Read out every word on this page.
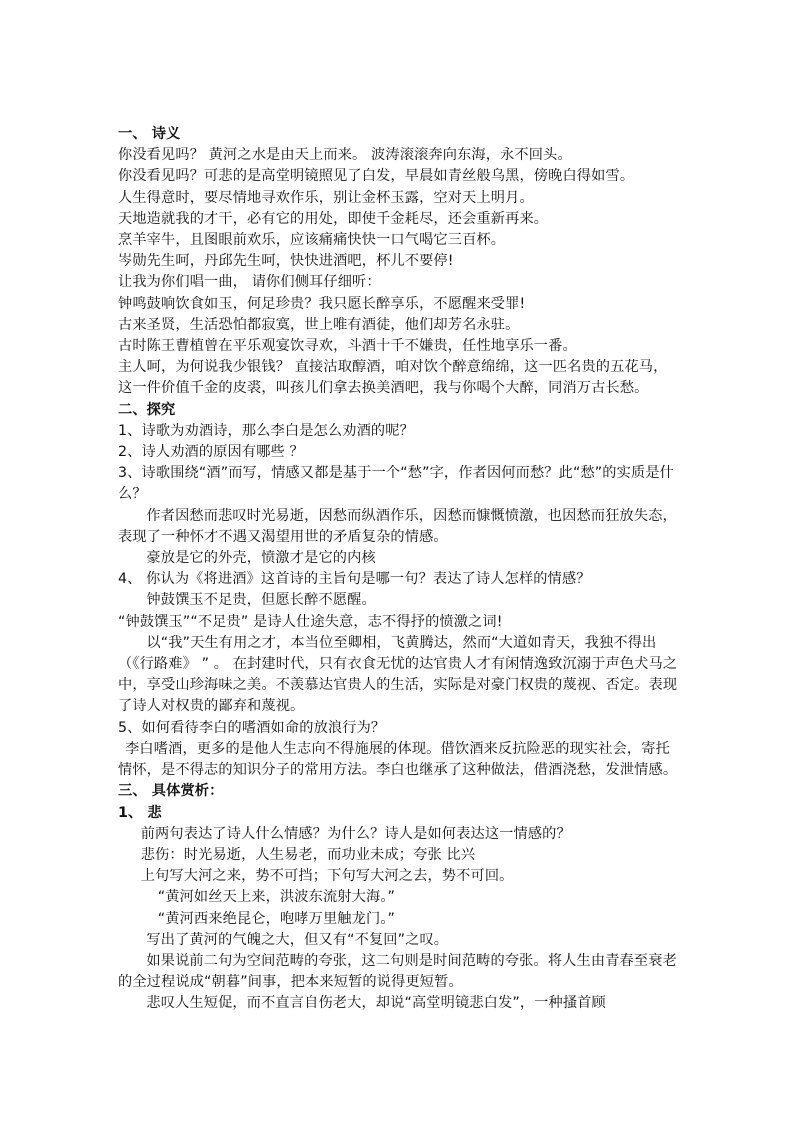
一、 诗义

你没看见吗？ 黄河之水是由天上而来。 波涛滚滚奔向东海，永不回头。

你没看见吗？可悲的是高堂明镜照见了白发，早晨如青丝般乌黑，傍晚白得如雪。

人生得意时，要尽情地寻欢作乐，别让金杯玉露，空对天上明月。

天地造就我的才干，必有它的用处，即使千金耗尽，还会重新再来。

烹羊宰牛，且图眼前欢乐，应该痛痛快快一口气喝它三百杯。

岑勋先生呵，丹邱先生呵，快快进酒吧，杯儿不要停!

让我为你们唱一曲， 请你们侧耳仔细听：

钟鸣鼓响饮食如玉，何足珍贵？我只愿长醉享乐，不愿醒来受罪!

古来圣贤，生活恐怕都寂寞，世上唯有酒徒，他们却芳名永驻。

古时陈王曹植曾在平乐观宴饮寻欢，斗酒十千不嫌贵，任性地享乐一番。

主人呵，为何说我少银钱？ 直接沽取醇酒，咱对饮个醉意绵绵，这一匹名贵的五花马， 这一件价值千金的皮裘，叫孩儿们拿去换美酒吧，我与你喝个大醉，同消万古长愁。

二、探究

1、诗歌为劝酒诗，那么李白是怎么劝酒的呢？

2、诗人劝酒的原因有哪些 ？

3、诗歌围绕“酒”而写，情感又都是基于一个“愁”字，作者因何而愁？此“愁”的实质是什么？

作者因愁而悲叹时光易逝，因愁而纵酒作乐，因愁而慷慨愤激，也因愁而狂放失态，表现了一种怀才不遇又渴望用世的矛盾复杂的情感。

豪放是它的外壳，愤激才是它的内核

4、 你认为《将进酒》这首诗的主旨句是哪一句？表达了诗人怎样的情感？

钟鼓馔玉不足贵，但愿长醉不愿醒。

“钟鼓馔玉”“不足贵” 是诗人仕途失意，志不得抒的愤激之词!

以“我”天生有用之才，本当位至卿相，飞黄腾达，然而“大道如青天，我独不得出（《行路难》 ” 。 在封建时代，只有衣食无忧的达官贵人才有闲情逸致沉溺于声色犬马之中，享受山珍海味之美。不羡慕达官贵人的生活，实际是对豪门权贵的蔑视、否定。表现了诗人对权贵的鄙弃和蔑视。

5、如何看待李白的嗜酒如命的放浪行为？

李白嗜酒，更多的是他人生志向不得施展的体现。借饮酒来反抗险恶的现实社会，寄托情怀，是不得志的知识分子的常用方法。李白也继承了这种做法，借酒浇愁，发泄情感。

三、 具体赏析：

1、 悲

前两句表达了诗人什么情感？为什么？诗人是如何表达这一情感的？

悲伤：时光易逝，人生易老，而功业未成；夸张 比兴

上句写大河之来，势不可挡；下句写大河之去，势不可回。

“黄河如丝天上来，洪波东流射大海。”

“黄河西来绝昆仑，咆哮万里触龙门。”

写出了黄河的气魄之大，但又有“不复回”之叹。

如果说前二句为空间范畴的夸张，这二句则是时间范畴的夸张。将人生由青春至衰老的全过程说成“朝暮”间事，把本来短暂的说得更短暂。

悲叹人生短促，而不直言自伤老大，却说“高堂明镜悲白发”，一种搔首顾
